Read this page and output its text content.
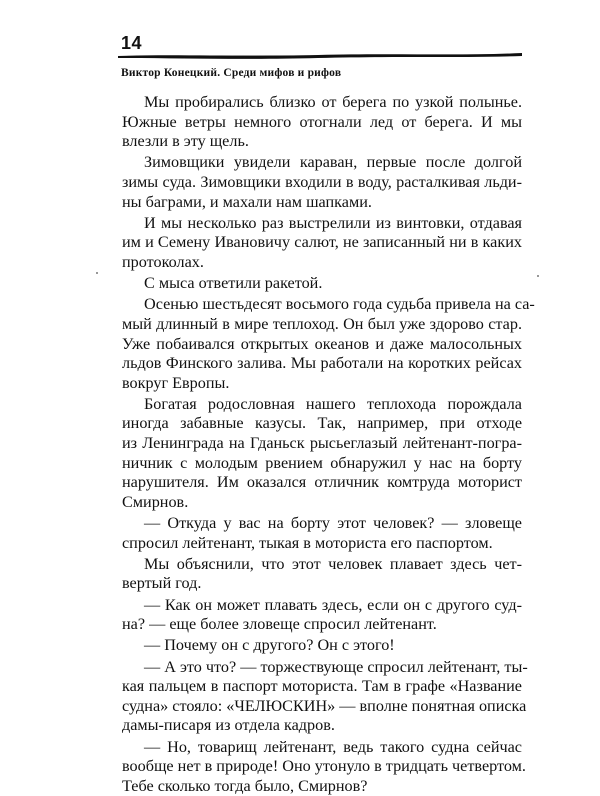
14
Виктор Конецкий. Среди мифов и рифов
Мы пробирались близко от берега по узкой полынье.
Южные ветры немного отогнали лед от берега. И мы
влезли в эту щель.
Зимовщики увидели караван, первые после долгой
зимы суда. Зимовщики входили в воду, расталкивая льди-
ны баграми, и махали нам шапками.
И мы несколько раз выстрелили из винтовки, отдавая
им и Семену Ивановичу салют, не записанный ни в каких
протоколах.
С мыса ответили ракетой.
Осенью шестьдесят восьмого года судьба привела на са-
мый длинный в мире теплоход. Он был уже здорово стар.
Уже побаивался открытых океанов и даже малосольных
льдов Финского залива. Мы работали на коротких рейсах
вокруг Европы.
Богатая родословная нашего теплохода порождала
иногда забавные казусы. Так, например, при отходе
из Ленинграда на Гданьск рысьеглазый лейтенант-погра-
ничник с молодым рвением обнаружил у нас на борту
нарушителя. Им оказался отличник комтруда моторист
Смирнов.
— Откуда у вас на борту этот человек? — зловеще
спросил лейтенант, тыкая в моториста его паспортом.
Мы объяснили, что этот человек плавает здесь чет-
вертый год.
— Как он может плавать здесь, если он с другого суд-
на? — еще более зловеще спросил лейтенант.
— Почему он с другого? Он с этого!
— А это что? — торжествующе спросил лейтенант, ты-
кая пальцем в паспорт моториста. Там в графе «Название
судна» стояло: «ЧЕЛЮСКИН» — вполне понятная описка
дамы-писаря из отдела кадров.
— Но, товарищ лейтенант, ведь такого судна сейчас
вообще нет в природе! Оно утонуло в тридцать четвертом.
Тебе сколько тогда было, Смирнов?
